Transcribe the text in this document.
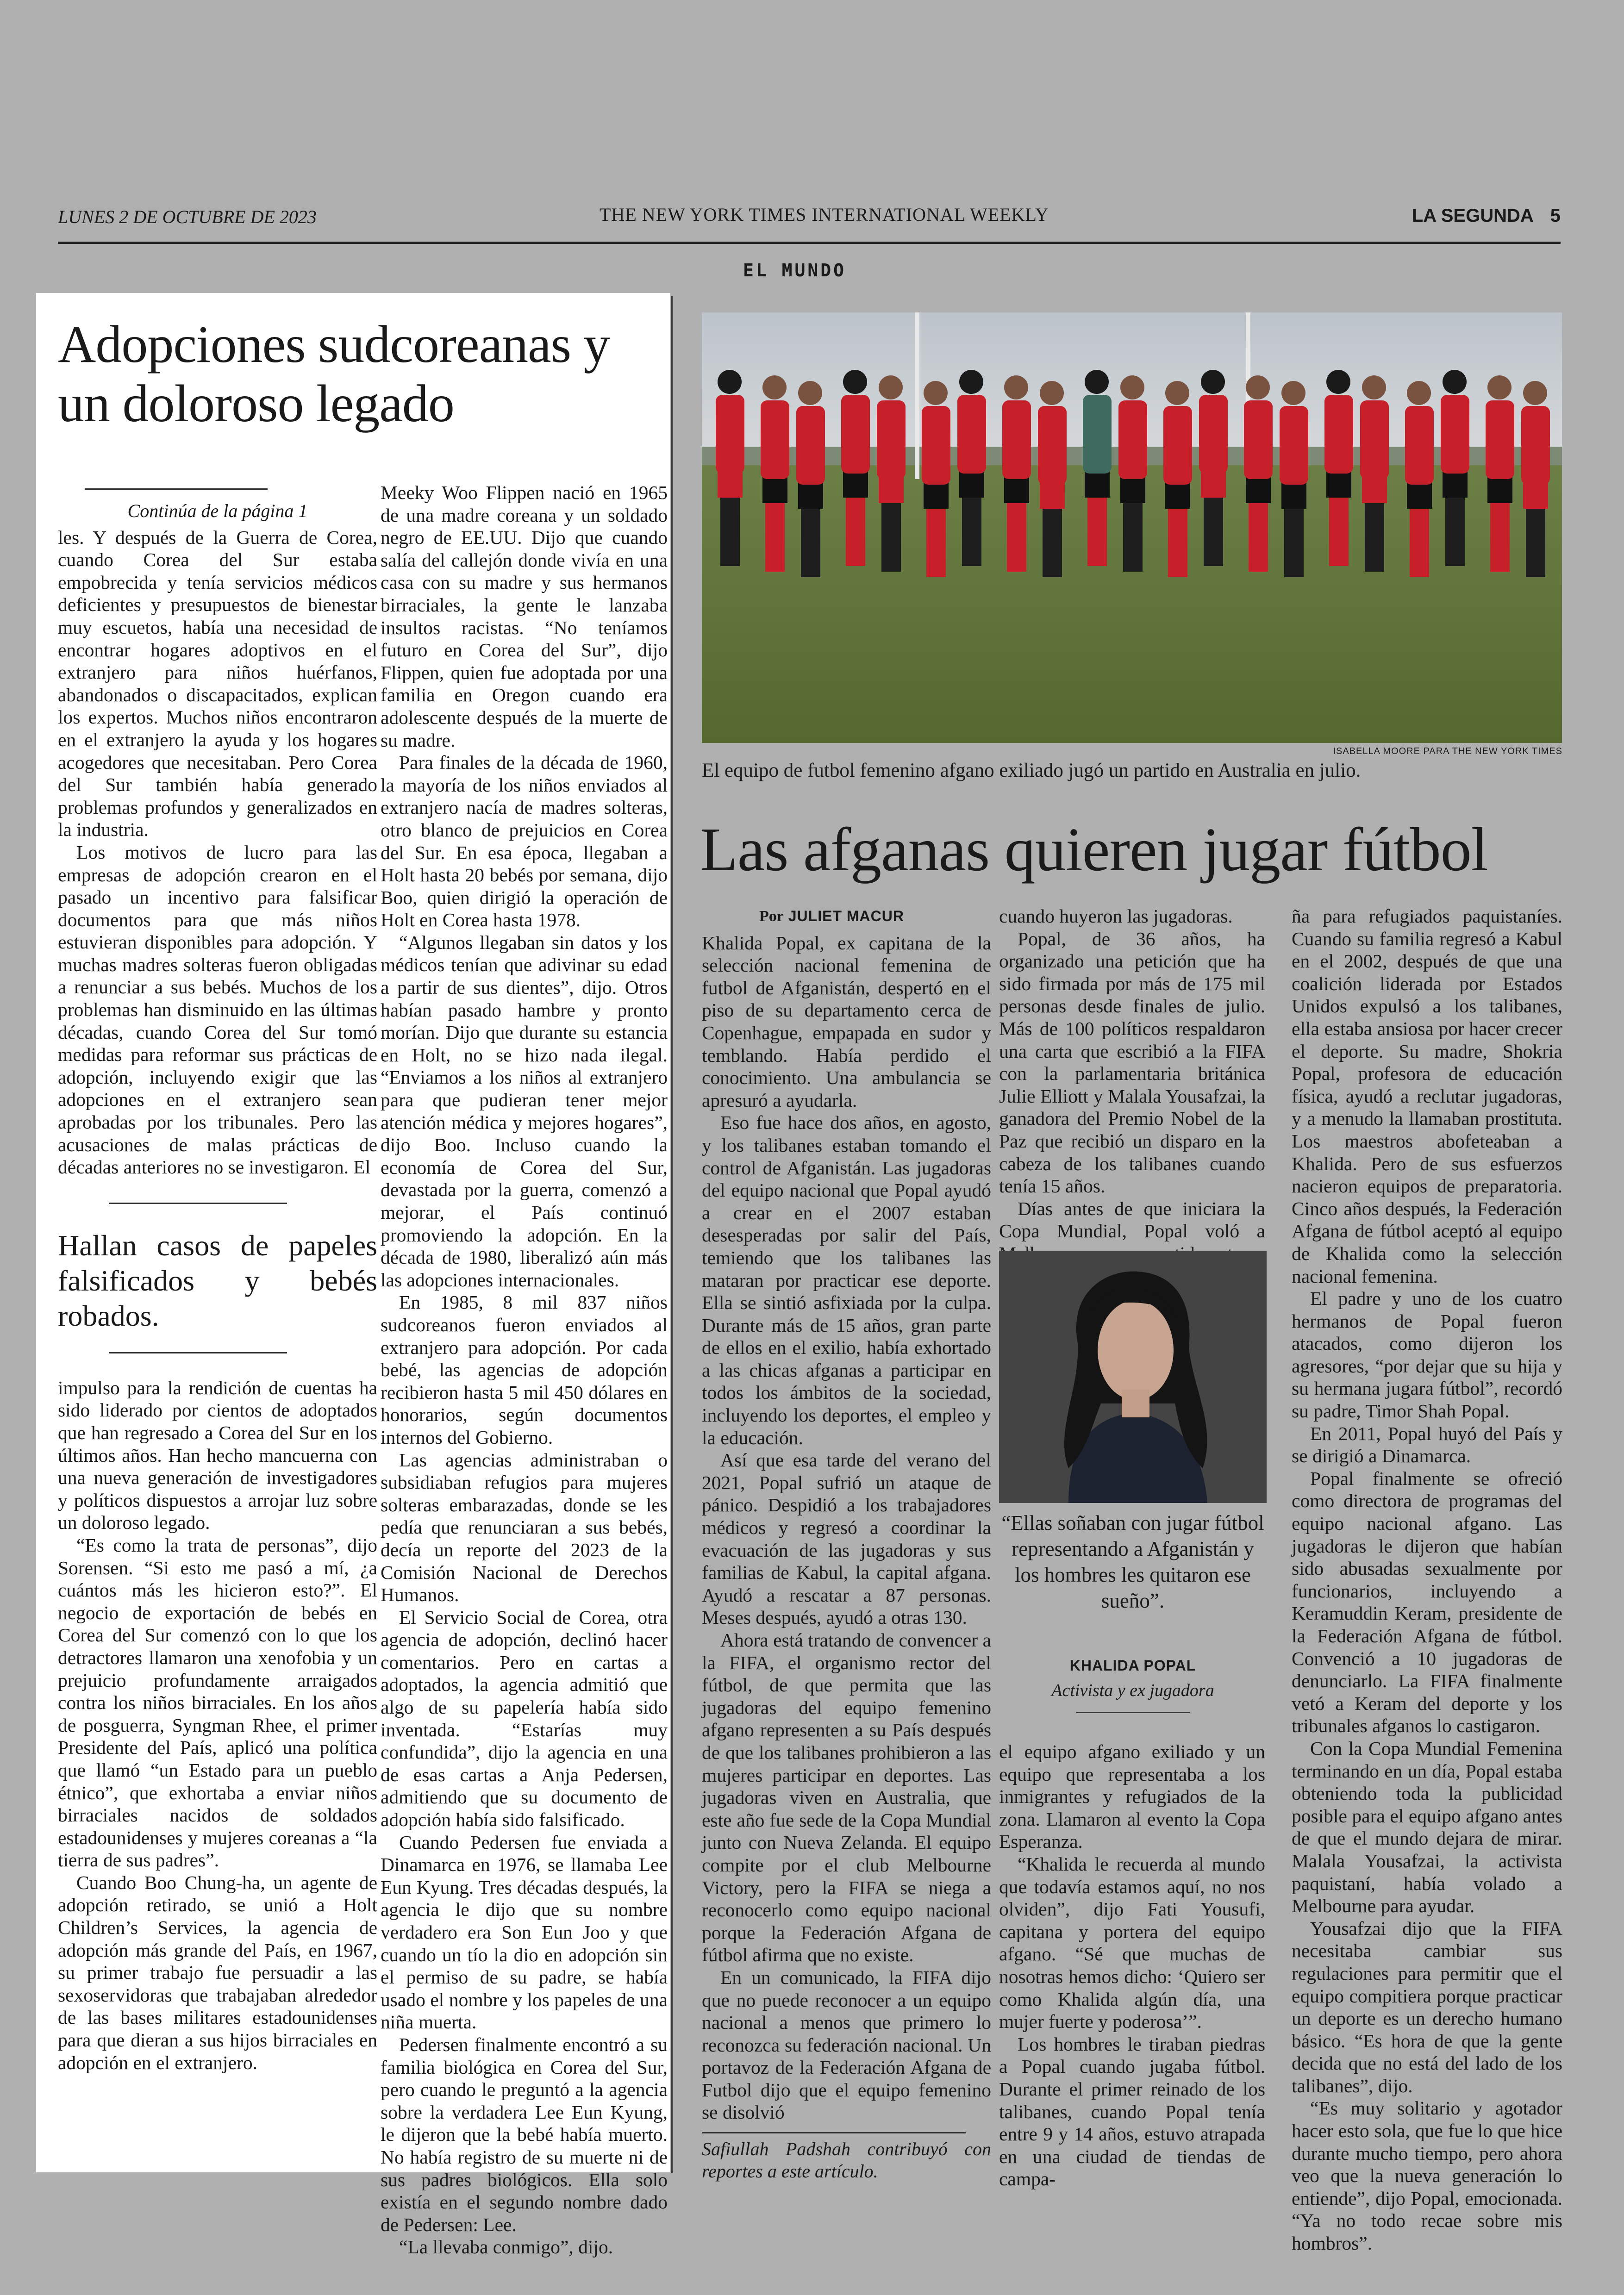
LUNES 2 DE OCTUBRE DE 2023	THE NEW YORK TIMES INTERNATIONAL WEEKLY	LA SEGUNDA 5
EL MUNDO
Adopciones sudcoreanas y un doloroso legado
Continúa de la página 1

les. Y después de la Guerra de Corea, cuando Corea del Sur estaba empobrecida y tenía servicios médicos deficientes y presupuestos de bienestar muy escuetos, había una necesidad de encontrar hogares adoptivos en el extranjero para niños huérfanos, abandonados o discapacitados, explican los expertos. Muchos niños encontraron en el extranjero la ayuda y los hogares acogedores que necesitaban. Pero Corea del Sur también había generado problemas profundos y generalizados en la industria.

Los motivos de lucro para las empresas de adopción crearon en el pasado un incentivo para falsificar documentos para que más niños estuvieran disponibles para adopción. Y muchas madres solteras fueron obligadas a renunciar a sus bebés. Muchos de los problemas han disminuido en las últimas décadas, cuando Corea del Sur tomó medidas para reformar sus prácticas de adopción, incluyendo exigir que las adopciones en el extranjero sean aprobadas por los tribunales. Pero las acusaciones de malas prácticas de décadas anteriores no se investigaron. El

Hallan casos de papeles falsificados y bebés robados.

impulso para la rendición de cuentas ha sido liderado por cientos de adoptados que han regresado a Corea del Sur en los últimos años. Han hecho mancuerna con una nueva generación de investigadores y políticos dispuestos a arrojar luz sobre un doloroso legado.

“Es como la trata de personas”, dijo Sorensen. “Si esto me pasó a mí, ¿a cuántos más les hicieron esto?”. El negocio de exportación de bebés en Corea del Sur comenzó con lo que los detractores llamaron una xenofobia y un prejuicio profundamente arraigados contra los niños birraciales. En los años de posguerra, Syngman Rhee, el primer Presidente del País, aplicó una política que llamó “un Estado para un pueblo étnico”, que exhortaba a enviar niños birraciales nacidos de soldados estadounidenses y mujeres coreanas a “la tierra de sus padres”.

Cuando Boo Chung-ha, un agente de adopción retirado, se unió a Holt Children’s Services, la agencia de adopción más grande del País, en 1967, su primer trabajo fue persuadir a las sexoservidoras que trabajaban alrededor de las bases militares estadounidenses para que dieran a sus hijos birraciales en adopción en el extranjero.

Meeky Woo Flippen nació en 1965 de una madre coreana y un soldado negro de EE.UU. Dijo que cuando salía del callejón donde vivía en una casa con su madre y sus hermanos birraciales, la gente le lanzaba insultos racistas. “No teníamos futuro en Corea del Sur”, dijo Flippen, quien fue adoptada por una familia en Oregon cuando era adolescente después de la muerte de su madre.

Para finales de la década de 1960, la mayoría de los niños enviados al extranjero nacía de madres solteras, otro blanco de prejuicios en Corea del Sur. En esa época, llegaban a Holt hasta 20 bebés por semana, dijo Boo, quien dirigió la operación de Holt en Corea hasta 1978.

“Algunos llegaban sin datos y los médicos tenían que adivinar su edad a partir de sus dientes”, dijo. Otros habían pasado hambre y pronto morían. Dijo que durante su estancia en Holt, no se hizo nada ilegal. “Enviamos a los niños al extranjero para que pudieran tener mejor atención médica y mejores hogares”, dijo Boo. Incluso cuando la economía de Corea del Sur, devastada por la guerra, comenzó a mejorar, el País continuó promoviendo la adopción. En la década de 1980, liberalizó aún más las adopciones internacionales.

En 1985, 8 mil 837 niños sudcoreanos fueron enviados al extranjero para adopción. Por cada bebé, las agencias de adopción recibieron hasta 5 mil 450 dólares en honorarios, según documentos internos del Gobierno.

Las agencias administraban o subsidiaban refugios para mujeres solteras embarazadas, donde se les pedía que renunciaran a sus bebés, decía un reporte del 2023 de la Comisión Nacional de Derechos Humanos.

El Servicio Social de Corea, otra agencia de adopción, declinó hacer comentarios. Pero en cartas a adoptados, la agencia admitió que algo de su papelería había sido inventada. “Estarías muy confundida”, dijo la agencia en una de esas cartas a Anja Pedersen, admitiendo que su documento de adopción había sido falsificado.

Cuando Pedersen fue enviada a Dinamarca en 1976, se llamaba Lee Eun Kyung. Tres décadas después, la agencia le dijo que su nombre verdadero era Son Eun Joo y que cuando un tío la dio en adopción sin el permiso de su padre, se había usado el nombre y los papeles de una niña muerta.

Pedersen finalmente encontró a su familia biológica en Corea del Sur, pero cuando le preguntó a la agencia sobre la verdadera Lee Eun Kyung, le dijeron que la bebé había muerto. No había registro de su muerte ni de sus padres biológicos. Ella solo existía en el segundo nombre dado de Pedersen: Lee.

“La llevaba conmigo”, dijo.

ISABELLA MOORE PARA THE NEW YORK TIMES
El equipo de futbol femenino afgano exiliado jugó un partido en Australia en julio.
Las afganas quieren jugar fútbol
Por JULIET MACUR

Khalida Popal, ex capitana de la selección nacional femenina de futbol de Afganistán, despertó en el piso de su departamento cerca de Copenhague, empapada en sudor y temblando. Había perdido el conocimiento. Una ambulancia se apresuró a ayudarla.

Eso fue hace dos años, en agosto, y los talibanes estaban tomando el control de Afganistán. Las jugadoras del equipo nacional que Popal ayudó a crear en el 2007 estaban desesperadas por salir del País, temiendo que los talibanes las mataran por practicar ese deporte. Ella se sintió asfixiada por la culpa. Durante más de 15 años, gran parte de ellos en el exilio, había exhortado a las chicas afganas a participar en todos los ámbitos de la sociedad, incluyendo los deportes, el empleo y la educación.

Así que esa tarde del verano del 2021, Popal sufrió un ataque de pánico. Despidió a los trabajadores médicos y regresó a coordinar la evacuación de las jugadoras y sus familias de Kabul, la capital afgana. Ayudó a rescatar a 87 personas. Meses después, ayudó a otras 130.

Ahora está tratando de convencer a la FIFA, el organismo rector del fútbol, de que permita que las jugadoras del equipo femenino afgano representen a su País después de que los talibanes prohibieron a las mujeres participar en deportes. Las jugadoras viven en Australia, que este año fue sede de la Copa Mundial junto con Nueva Zelanda. El equipo compite por el club Melbourne Victory, pero la FIFA se niega a reconocerlo como equipo nacional porque la Federación Afgana de fútbol afirma que no existe.

En un comunicado, la FIFA dijo que no puede reconocer a un equipo nacional a menos que primero lo reconozca su federación nacional. Un portavoz de la Federación Afgana de Futbol dijo que el equipo femenino se disolvió

Safiullah Padshah contribuyó con reportes a este artículo.

cuando huyeron las jugadoras.

Popal, de 36 años, ha organizado una petición que ha sido firmada por más de 175 mil personas desde finales de julio. Más de 100 políticos respaldaron una carta que escribió a la FIFA con la parlamentaria británica Julie Elliott y Malala Yousafzai, la ganadora del Premio Nobel de la Paz que recibió un disparo en la cabeza de los talibanes cuando tenía 15 años.

Días antes de que iniciara la Copa Mundial, Popal voló a

“Ellas soñaban con jugar fútbol representando a Afganistán y los hombres les quitaron ese sueño”.
KHALIDA POPAL
Activista y ex jugadora

el equipo afgano exiliado y un equipo que representaba a los inmigrantes y refugiados de la zona. Llamaron al evento la Copa Esperanza.

“Khalida le recuerda al mundo que todavía estamos aquí, no nos olviden”, dijo Fati Yousufi, capitana y portera del equipo afgano. “Sé que muchas de nosotras hemos dicho: ‘Quiero ser como Khalida algún día, una mujer fuerte y poderosa’”.

Los hombres le tiraban piedras a Popal cuando jugaba fútbol. Durante el primer reinado de los talibanes, cuando Popal tenía entre 9 y 14 años, estuvo atrapada en una ciudad de tiendas de campa-

ña para refugiados paquistaníes. Cuando su familia regresó a Kabul en el 2002, después de que una coalición liderada por Estados Unidos expulsó a los talibanes, ella estaba ansiosa por hacer crecer el deporte. Su madre, Shokria Popal, profesora de educación física, ayudó a reclutar jugadoras, y a menudo la llamaban prostituta. Los maestros abofeteaban a Khalida. Pero de sus esfuerzos nacieron equipos de preparatoria. Cinco años después, la Federación Afgana de fútbol aceptó al equipo de Khalida como la selección nacional femenina.

El padre y uno de los cuatro hermanos de Popal fueron atacados, como dijeron los agresores, “por dejar que su hija y su hermana jugara fútbol”, recordó su padre, Timor Shah Popal.

En 2011, Popal huyó del País y se dirigió a Dinamarca.

Popal finalmente se ofreció como directora de programas del equipo nacional afgano. Las jugadoras le dijeron que habían sido abusadas sexualmente por funcionarios, incluyendo a Keramuddin Keram, presidente de la Federación Afgana de fútbol. Convenció a 10 jugadoras de denunciarlo. La FIFA finalmente vetó a Keram del deporte y los tribunales afganos lo castigaron.

Con la Copa Mundial Femenina terminando en un día, Popal estaba obteniendo toda la publicidad posible para el equipo afgano antes de que el mundo dejara de mirar. Malala Yousafzai, la activista paquistaní, había volado a Melbourne para ayudar.

Yousafzai dijo que la FIFA necesitaba cambiar sus regulaciones para permitir que el equipo compitiera porque practicar un deporte es un derecho humano básico. “Es hora de que la gente decida que no está del lado de los talibanes”, dijo.

“Es muy solitario y agotador hacer esto sola, que fue lo que hice durante mucho tiempo, pero ahora veo que la nueva generación lo entiende”, dijo Popal, emocionada. “Ya no todo recae sobre mis hombros”.
